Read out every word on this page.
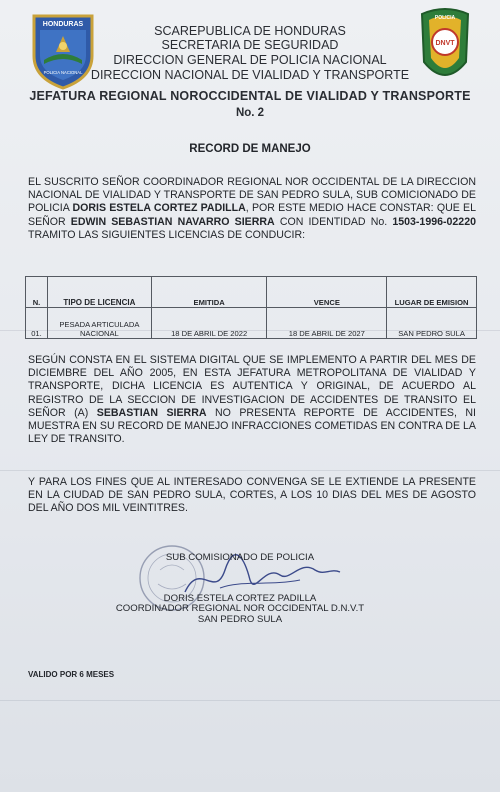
HONDURAS
POLICIA NACIONAL
POLICIA
DNVT
SCAREPUBLICA DE HONDURAS
SECRETARIA DE SEGURIDAD
DIRECCION GENERAL DE POLICIA NACIONAL
DIRECCION NACIONAL DE VIALIDAD Y TRANSPORTE
JEFATURA REGIONAL NOROCCIDENTAL DE VIALIDAD Y TRANSPORTE
No. 2
RECORD DE MANEJO
EL SUSCRITO SEÑOR COORDINADOR REGIONAL NOR OCCIDENTAL DE LA DIRECCION NACIONAL DE VIALIDAD Y TRANSPORTE DE SAN PEDRO SULA, SUB COMICIONADO DE POLICIA DORIS ESTELA CORTEZ PADILLA, POR ESTE MEDIO HACE CONSTAR: QUE EL SEÑOR EDWIN SEBASTIAN NAVARRO SIERRA CON IDENTIDAD No. 1503-1996-02220 TRAMITO LAS SIGUIENTES LICENCIAS DE CONDUCIR:
N.	TIPO DE LICENCIA	EMITIDA	VENCE	LUGAR DE EMISION
01.	PESADA ARTICULADA NACIONAL	18 DE ABRIL DE 2022	18 DE ABRIL DE 2027	SAN PEDRO SULA
SEGÚN CONSTA EN EL SISTEMA DIGITAL QUE SE IMPLEMENTO A PARTIR DEL MES DE DICIEMBRE DEL AÑO 2005, EN ESTA JEFATURA METROPOLITANA DE VIALIDAD Y TRANSPORTE, DICHA LICENCIA ES AUTENTICA Y ORIGINAL, DE ACUERDO AL REGISTRO DE LA SECCION DE INVESTIGACION DE ACCIDENTES DE TRANSITO EL SEÑOR (A) SEBASTIAN SIERRA NO PRESENTA REPORTE DE ACCIDENTES, NI MUESTRA EN SU RECORD DE MANEJO INFRACCIONES COMETIDAS EN CONTRA DE LA LEY DE TRANSITO.
Y PARA LOS FINES QUE AL INTERESADO CONVENGA SE LE EXTIENDE LA PRESENTE EN LA CIUDAD DE SAN PEDRO SULA, CORTES, A LOS 10 DIAS DEL MES DE AGOSTO DEL AÑO DOS MIL VEINTITRES.
SUB COMISIONADO DE POLICIA
DORIS ESTELA CORTEZ PADILLA
COORDINADOR REGIONAL NOR OCCIDENTAL D.N.V.T
SAN PEDRO SULA
VALIDO POR 6 MESES
